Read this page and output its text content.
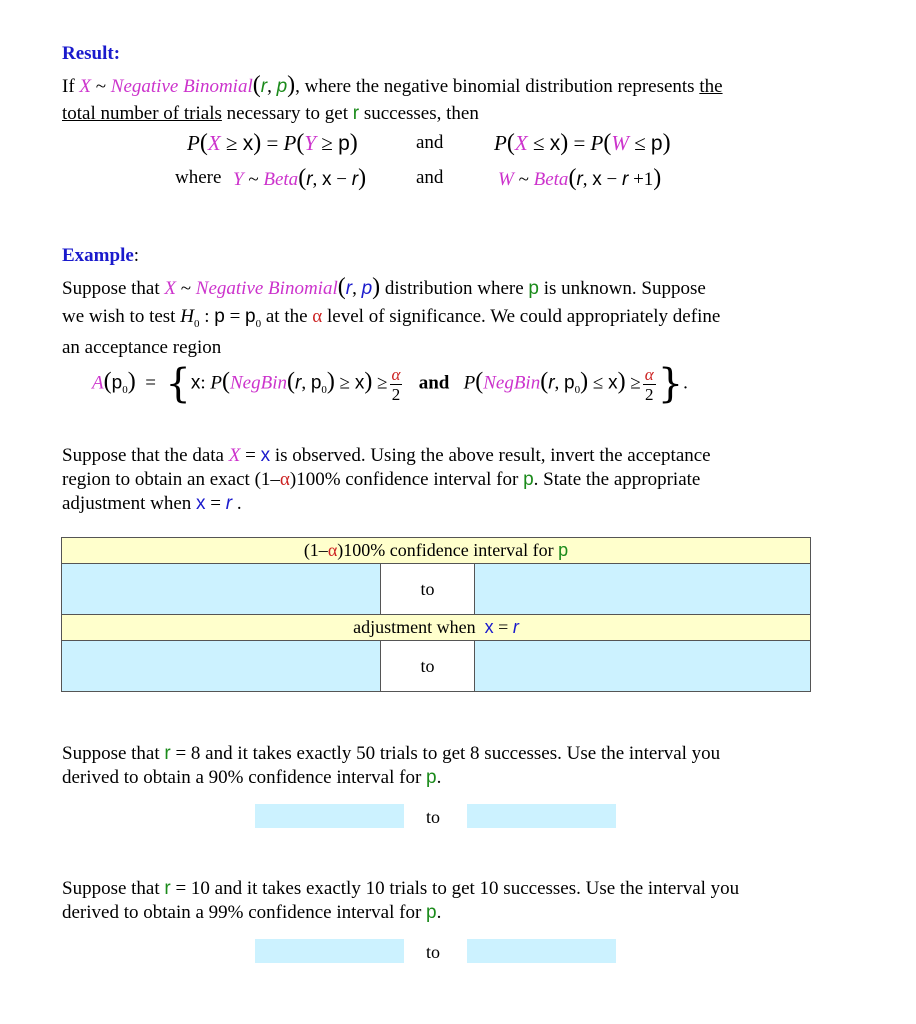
Result:
If X ~ Negative Binomial(r, p), where the negative binomial distribution represents the
total number of trials necessary to get r successes, then
P(X ≥ x) = P(Y ≥ p)	and P(X ≤ x) = P(W ≤ p)
where Y ~ Beta(r, x − r)	and	W ~ Beta(r, x − r +1)
Example:
Suppose that X ~ Negative Binomial(r, p) distribution where p is unknown. Suppose
we wish to test $H_0$ : $p = p_0$ at the α level of significance. We could appropriately define
an acceptance region
$A(p_0) = \{x$: P(NegBin(r, $p_0) \ge x) \ge \frac{\alpha}{2}$ and P(NegBin(r, $p_0) \le x) \ge \frac{\alpha}{2}$ }.
Suppose that the data X = x is observed. Using the above result, invert the acceptance
region to obtain an exact (1–α)100% confidence interval for p. State the appropriate
adjustment when x = r .
(1–α)100% confidence interval for p		
	to	
adjustment when  x = r		
	to	
Suppose that r = 8 and it takes exactly 50 trials to get 8 successes. Use the interval you
derived to obtain a 90% confidence interval for p.
to
Suppose that r = 10 and it takes exactly 10 trials to get 10 successes. Use the interval you
derived to obtain a 99% confidence interval for p.
to
